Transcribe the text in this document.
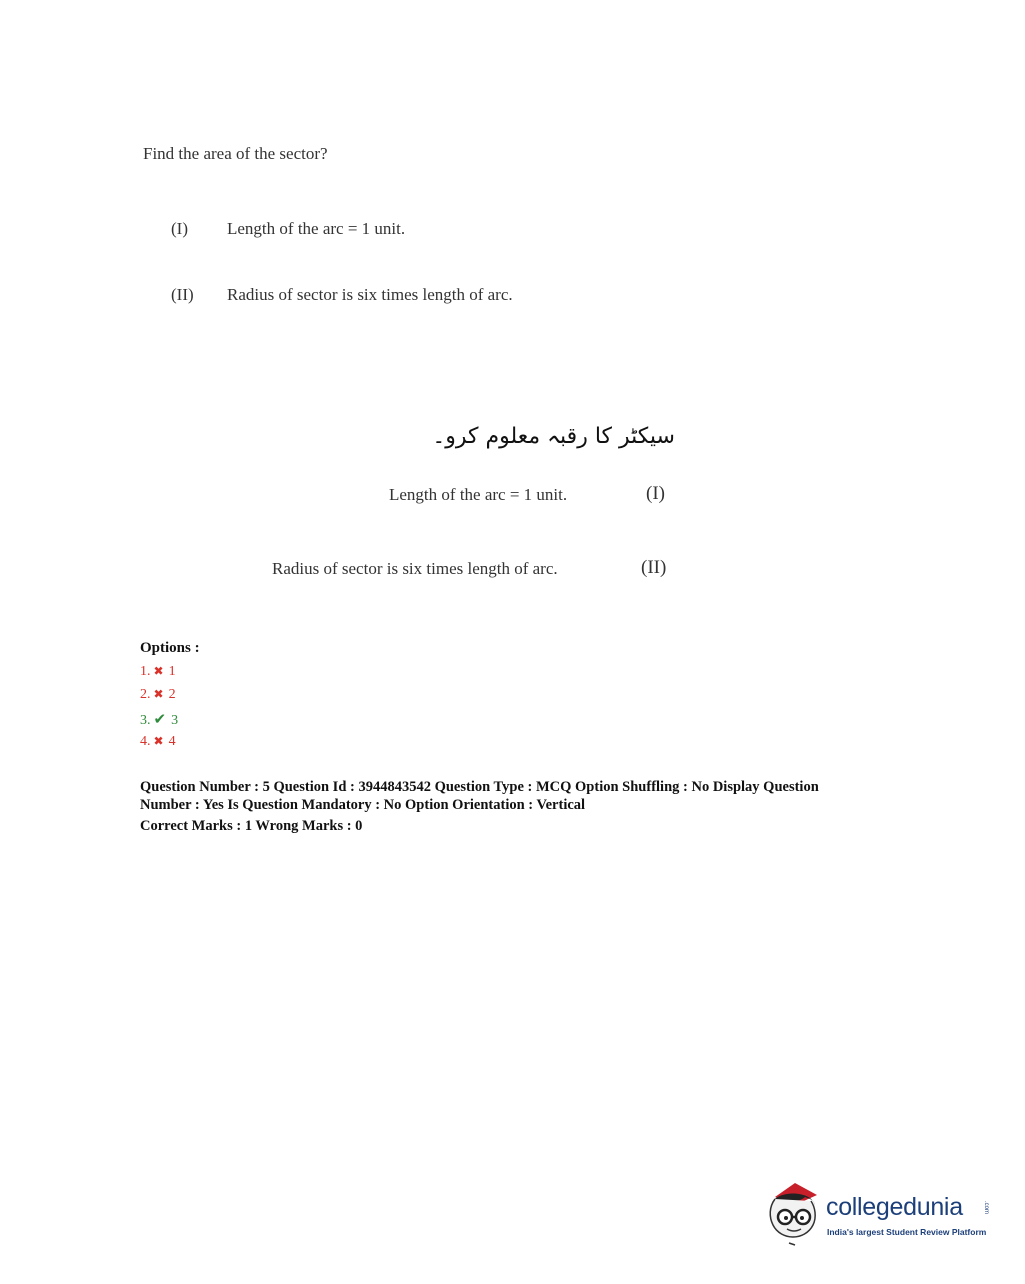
Find the area of the sector?
(I) Length of the arc = 1 unit.
(II) Radius of sector is six times length of arc.
سیکٹر کا رقبہ معلوم کرو۔
Length of the arc = 1 unit.	(I)
Radius of sector is six times length of arc.	(II)
Options :
1. ✖ 1
2. ✖ 2
3. ✔ 3
4. ✖ 4
Question Number : 5 Question Id : 3944843542 Question Type : MCQ Option Shuffling : No Display Question
Number : Yes Is Question Mandatory : No Option Orientation : Vertical
Correct Marks : 1 Wrong Marks : 0
collegedunia	.com
India's largest Student Review Platform
